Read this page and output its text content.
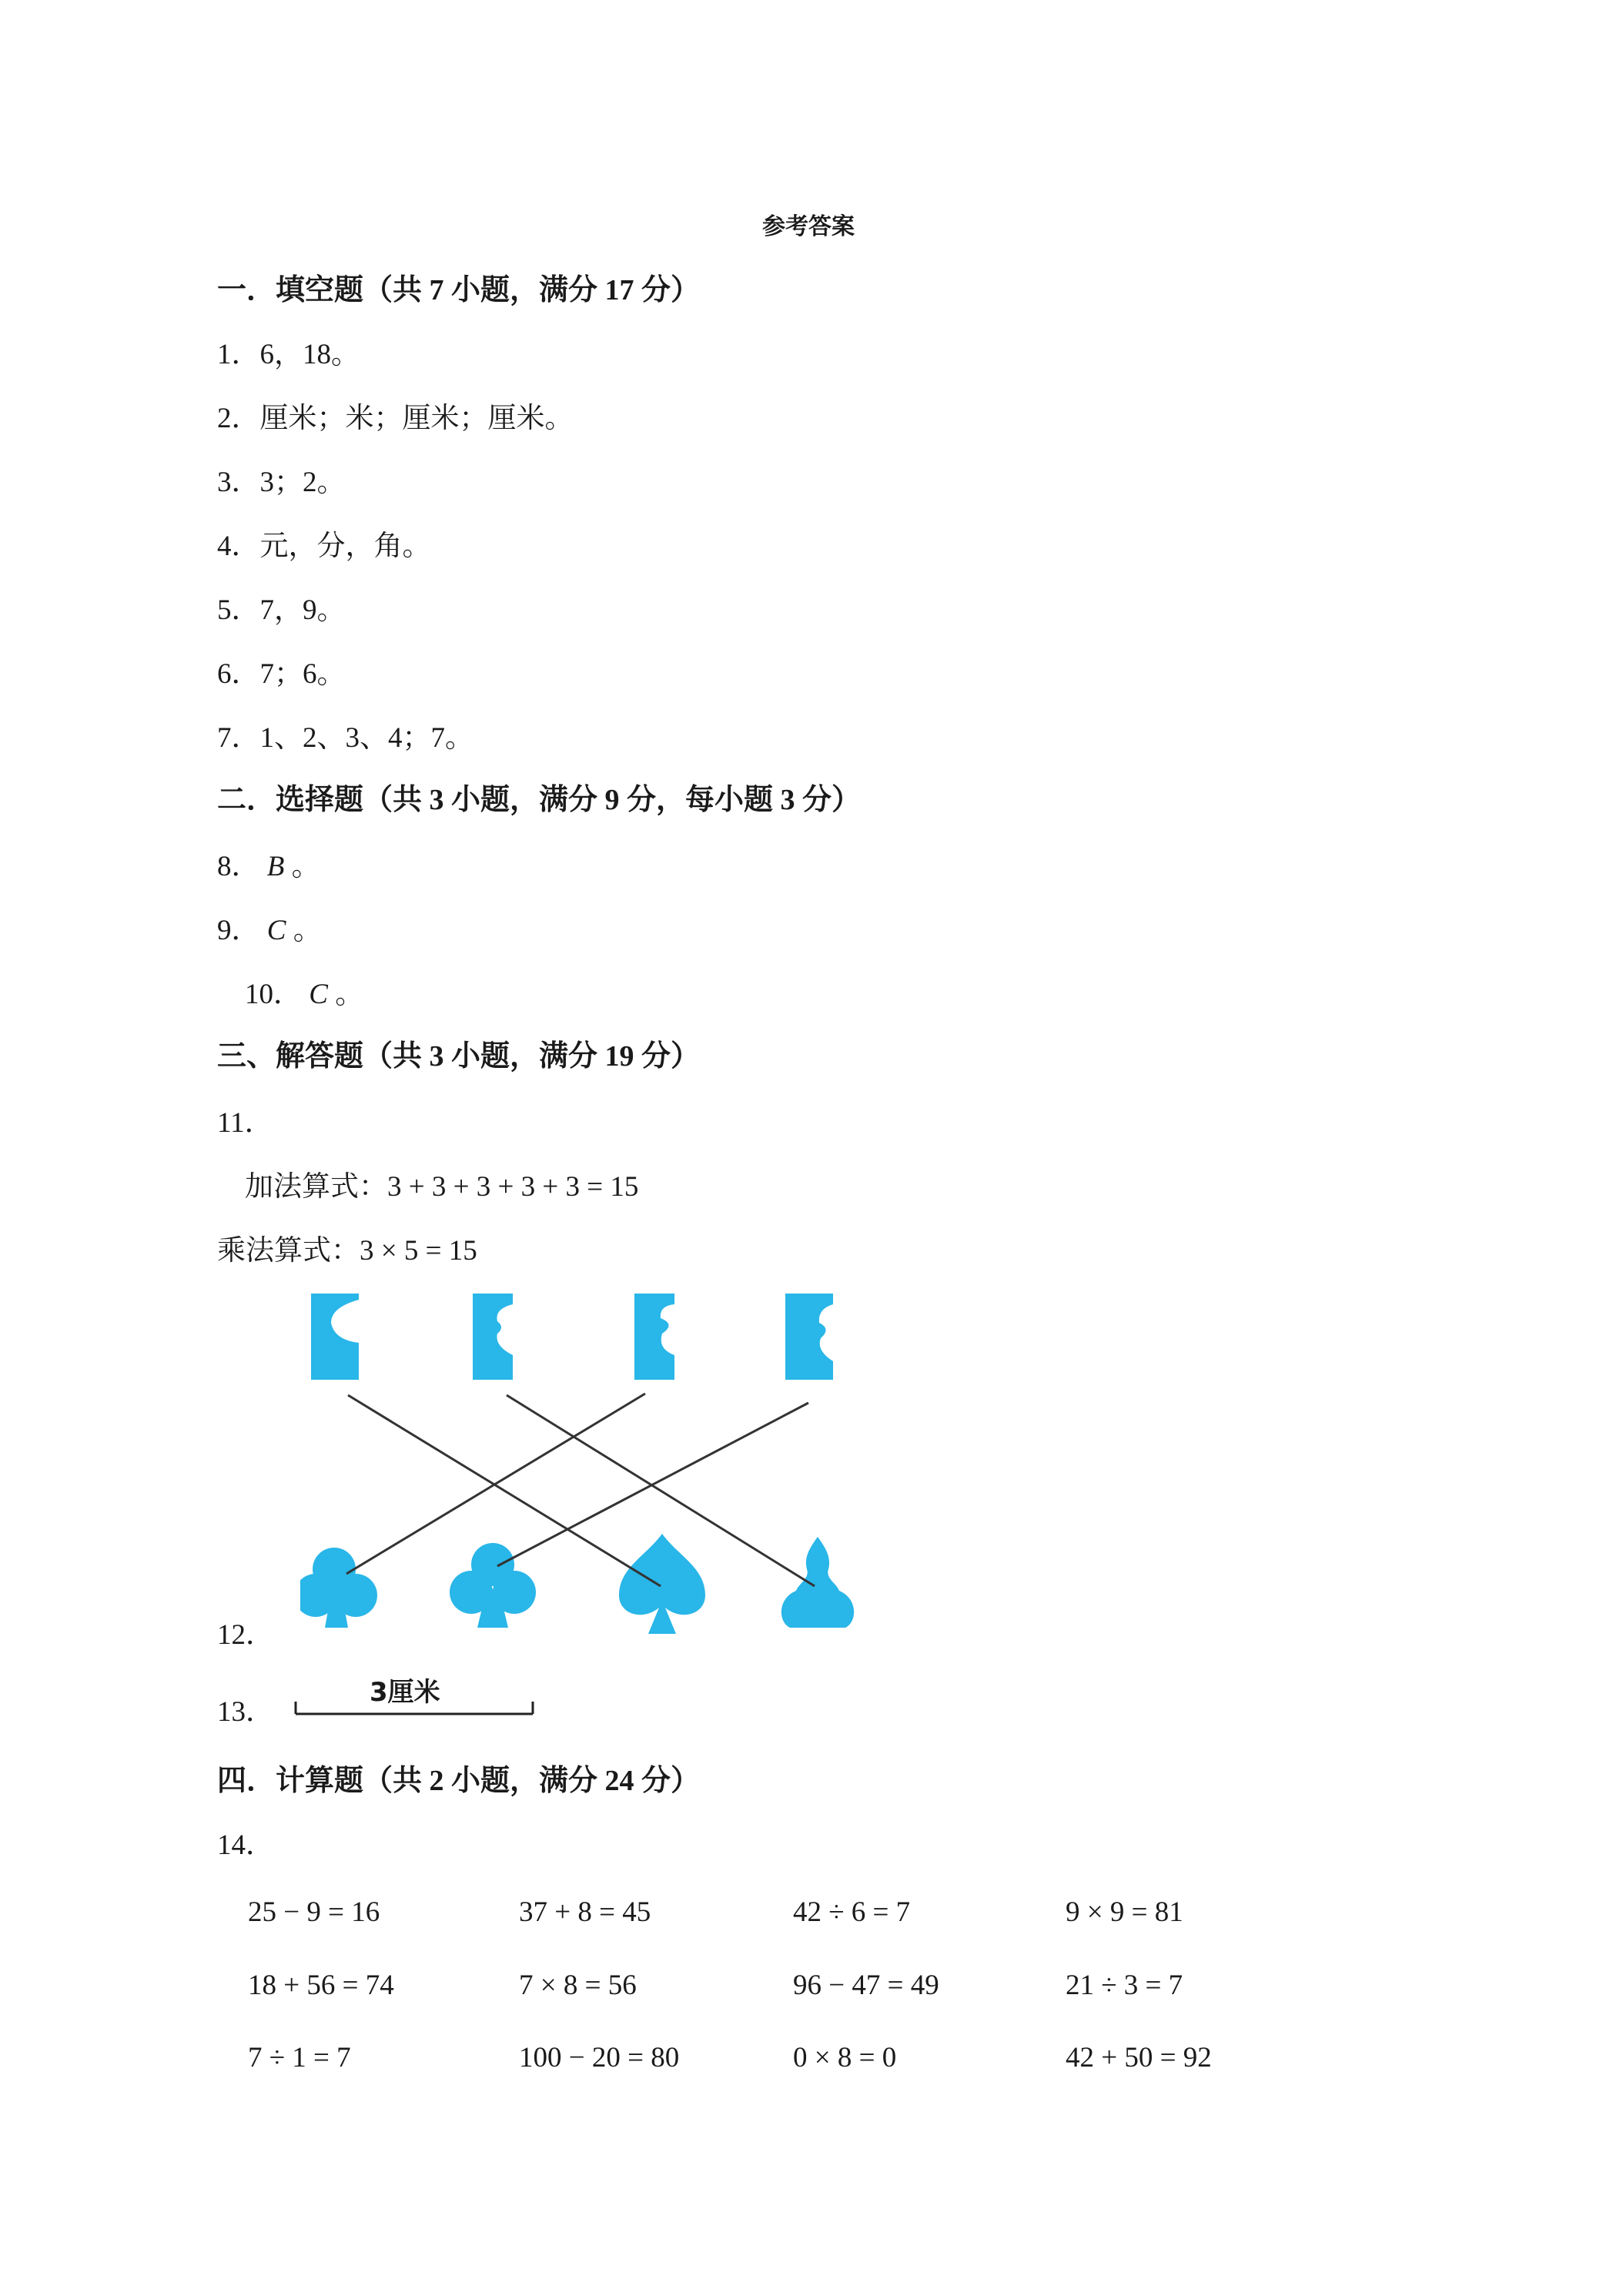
参考答案
一．填空题（共 7 小题，满分 17 分）
1．6，18。
2．厘米；米；厘米；厘米。
3．3；2。
4．元，分，角。
5．7，9。
6．7；6。
7．1、2、3、4；7。
二．选择题（共 3 小题，满分 9 分，每小题 3 分）
8． B 。
9． C 。
10． C 。
三、解答题（共 3 小题，满分 19 分）
11．
加法算式：3 + 3 + 3 + 3 + 3 = 15
乘法算式：3 × 5 = 15
12．
13．
3厘米
四．计算题（共 2 小题，满分 24 分）
14．
25 − 9 = 16	37 + 8 = 45	42 ÷ 6 = 7	9 × 9 = 81
18 + 56 = 74	7 × 8 = 56	96 − 47 = 49	21 ÷ 3 = 7
7 ÷ 1 = 7	100 − 20 = 80	0 × 8 = 0	42 + 50 = 92
